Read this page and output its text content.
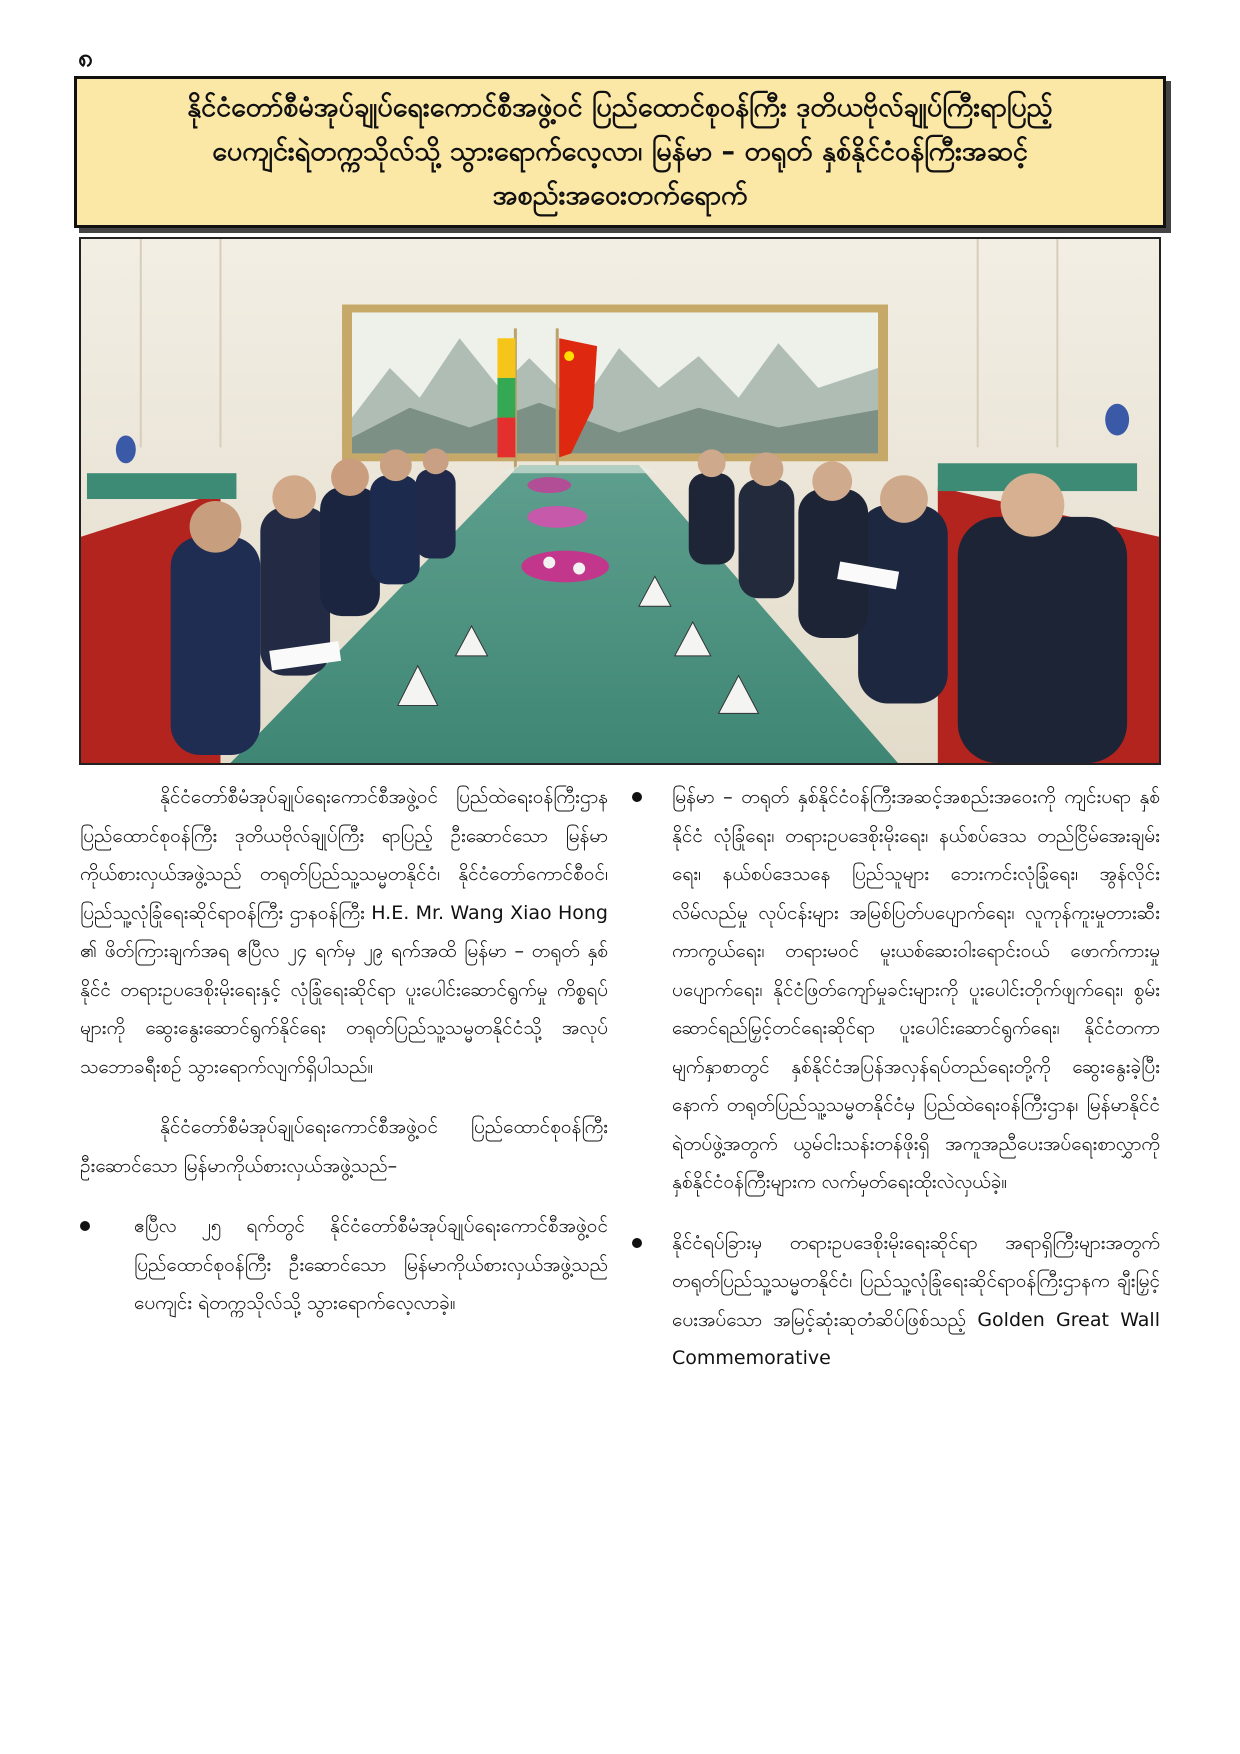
၈

နိုင်ငံတော်စီမံအုပ်ချုပ်ရေးကောင်စီအဖွဲ့ဝင် ပြည်ထောင်စုဝန်ကြီး ဒုတိယဗိုလ်ချုပ်ကြီးရာပြည့်

ပေကျင်းရဲတက္ကသိုလ်သို့ သွားရောက်လေ့လာ၊ မြန်မာ – တရုတ် နှစ်နိုင်ငံဝန်ကြီးအဆင့်

အစည်းအဝေးတက်ရောက်

နိုင်ငံတော်စီမံအုပ်ချုပ်ရေးကောင်စီအဖွဲ့ဝင် ပြည်ထဲရေးဝန်ကြီးဌာန ပြည်ထောင်စုဝန်ကြီး ဒုတိယဗိုလ်ချုပ်ကြီး ရာပြည့် ဦးဆောင်သော မြန်မာကိုယ်စားလှယ်အဖွဲ့သည် တရုတ်ပြည်သူ့သမ္မတနိုင်ငံ၊ နိုင်ငံတော်ကောင်စီဝင်၊ ပြည်သူ့လုံခြုံရေးဆိုင်ရာဝန်ကြီး ဌာနဝန်ကြီး H.E. Mr. Wang Xiao Hong ၏ ဖိတ်ကြားချက်အရ ဧပြီလ ၂၄ ရက်မှ ၂၉ ရက်အထိ မြန်မာ – တရုတ် နှစ်နိုင်ငံ တရားဥပဒေစိုးမိုးရေးနှင့် လုံခြုံရေးဆိုင်ရာ ပူးပေါင်းဆောင်ရွက်မှု ကိစ္စရပ်များကို ဆွေးနွေးဆောင်ရွက်နိုင်ရေး တရုတ်ပြည်သူ့သမ္မတနိုင်ငံသို့ အလုပ်သဘောခရီးစဉ် သွားရောက်လျက်ရှိပါသည်။

နိုင်ငံတော်စီမံအုပ်ချုပ်ရေးကောင်စီအဖွဲ့ဝင် ပြည်ထောင်စုဝန်ကြီး ဦးဆောင်သော မြန်မာကိုယ်စားလှယ်အဖွဲ့သည်–

ဧပြီလ ၂၅ ရက်တွင် နိုင်ငံတော်စီမံအုပ်ချုပ်ရေးကောင်စီအဖွဲ့ဝင် ပြည်ထောင်စုဝန်ကြီး ဦးဆောင်သော မြန်မာကိုယ်စားလှယ်အဖွဲ့သည် ပေကျင်း ရဲတက္ကသိုလ်သို့ သွားရောက်လေ့လာခဲ့။
မြန်မာ – တရုတ် နှစ်နိုင်ငံဝန်ကြီးအဆင့်အစည်းအဝေးကို ကျင်းပရာ နှစ်နိုင်ငံ လုံခြုံရေး၊ တရားဥပဒေစိုးမိုးရေး၊ နယ်စပ်ဒေသ တည်ငြိမ်အေးချမ်းရေး၊ နယ်စပ်ဒေသနေ ပြည်သူများ ဘေးကင်းလုံခြုံရေး၊ အွန်လိုင်းလိမ်လည်မှု လုပ်ငန်းများ အမြစ်ပြတ်ပပျောက်ရေး၊ လူကုန်ကူးမှုတားဆီး ကာကွယ်ရေး၊ တရားမဝင် မူးယစ်ဆေးဝါးရောင်းဝယ် ဖောက်ကားမှု ပပျောက်ရေး၊ နိုင်ငံဖြတ်ကျော်မှုခင်းများကို ပူးပေါင်းတိုက်ဖျက်ရေး၊ စွမ်းဆောင်ရည်မြှင့်တင်ရေးဆိုင်ရာ ပူးပေါင်းဆောင်ရွက်ရေး၊ နိုင်ငံတကာမျက်နှာစာတွင် နှစ်နိုင်ငံအပြန်အလှန်ရပ်တည်ရေးတို့ကို ဆွေးနွေးခဲ့ပြီးနောက် တရုတ်ပြည်သူ့သမ္မတနိုင်ငံမှ ပြည်ထဲရေးဝန်ကြီးဌာန၊ မြန်မာနိုင်ငံရဲတပ်ဖွဲ့အတွက် ယွမ်ငါးသန်းတန်ဖိုးရှိ အကူအညီပေးအပ်ရေးစာလွှာကို နှစ်နိုင်ငံဝန်ကြီးများက လက်မှတ်ရေးထိုးလဲလှယ်ခဲ့။
နိုင်ငံရပ်ခြားမှ တရားဥပဒေစိုးမိုးရေးဆိုင်ရာ အရာရှိကြီးများအတွက် တရုတ်ပြည်သူ့သမ္မတနိုင်ငံ၊ ပြည်သူ့လုံခြုံရေးဆိုင်ရာဝန်ကြီးဌာနက ချီးမြှင့်ပေးအပ်သော အမြင့်ဆုံးဆုတံဆိပ်ဖြစ်သည့် Golden Great Wall Commemorative
